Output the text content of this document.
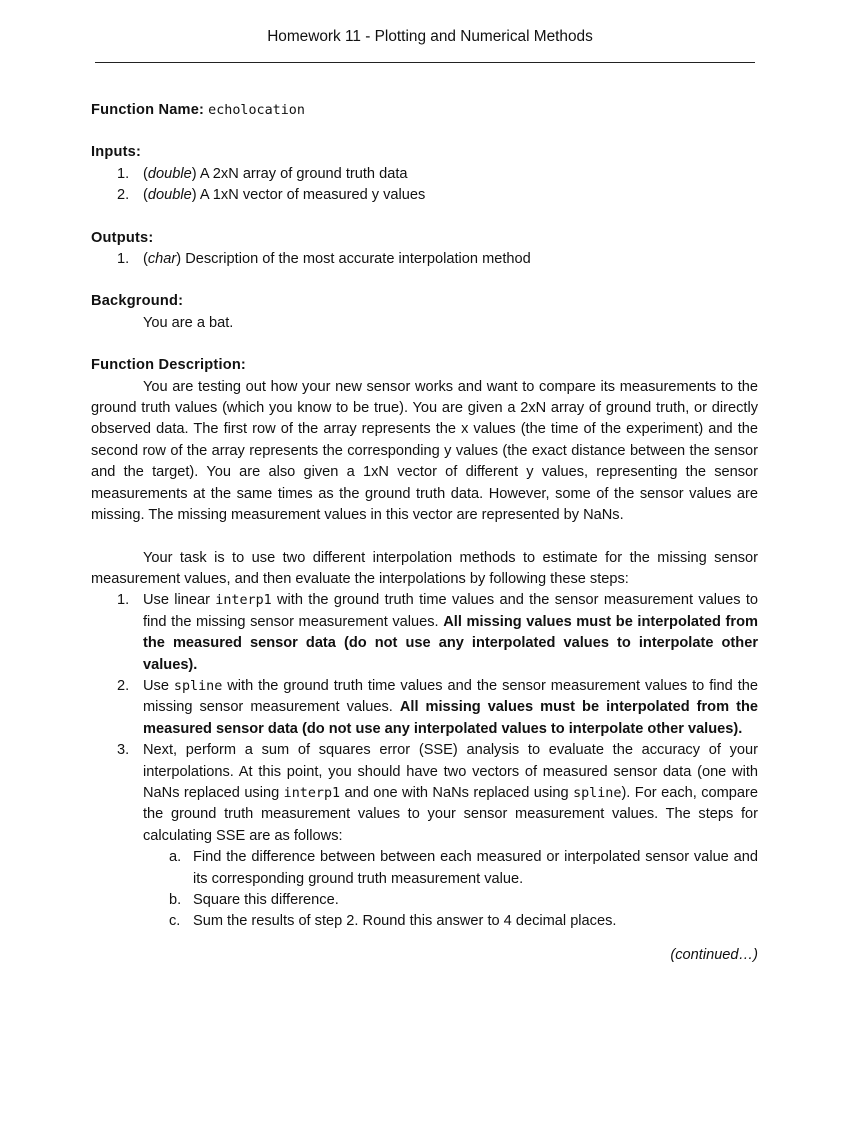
Homework 11 - Plotting and Numerical Methods

Function Name: echolocation

Inputs:

1. (double) A 2xN array of ground truth data
2. (double) A 1xN vector of measured y values

Outputs:

1. (char) Description of the most accurate interpolation method

Background:

You are a bat.

Function Description:

You are testing out how your new sensor works and want to compare its measurements to the ground truth values (which you know to be true). You are given a 2xN array of ground truth, or directly observed data. The first row of the array represents the x values (the time of the experiment) and the second row of the array represents the corresponding y values (the exact distance between the sensor and the target). You are also given a 1xN vector of different y values, representing the sensor measurements at the same times as the ground truth data. However, some of the sensor values are missing. The missing measurement values in this vector are represented by NaNs.

Your task is to use two different interpolation methods to estimate for the missing sensor measurement values, and then evaluate the interpolations by following these steps:

1. Use linear interp1 with the ground truth time values and the sensor measurement values to find the missing sensor measurement values. All missing values must be interpolated from the measured sensor data (do not use any interpolated values to interpolate other values).
2. Use spline with the ground truth time values and the sensor measurement values to find the missing sensor measurement values. All missing values must be interpolated from the measured sensor data (do not use any interpolated values to interpolate other values).
3. Next, perform a sum of squares error (SSE) analysis to evaluate the accuracy of your interpolations. At this point, you should have two vectors of measured sensor data (one with NaNs replaced using interp1 and one with NaNs replaced using spline). For each, compare the ground truth measurement values to your sensor measurement values. The steps for calculating SSE are as follows:
a. Find the difference between between each measured or interpolated sensor value and its corresponding ground truth measurement value.
b. Square this difference.
c. Sum the results of step 2. Round this answer to 4 decimal places.

(continued…)
